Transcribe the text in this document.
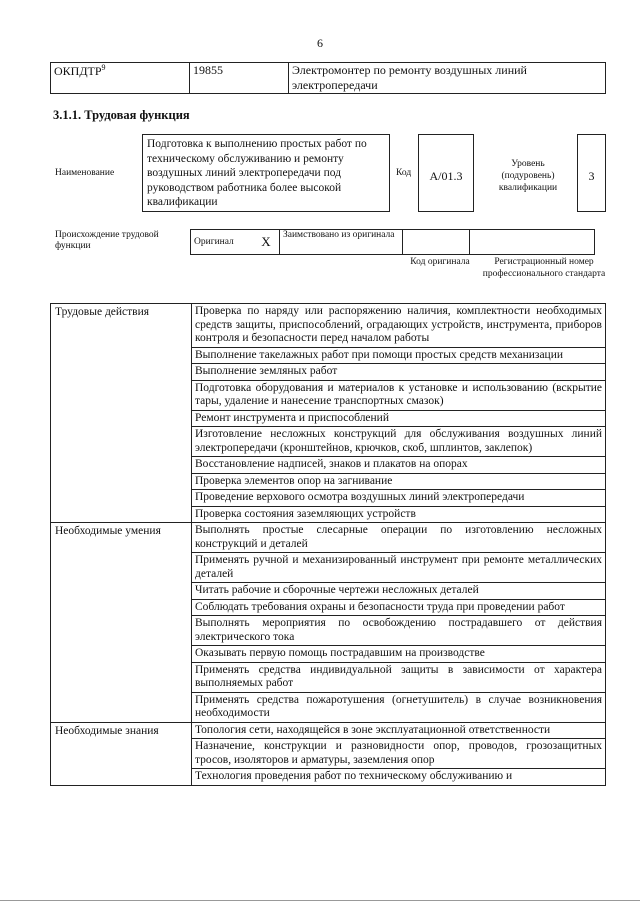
6
ОКПДТР$^9$	19855	Электромонтер по ремонту воздушных линий электропередачи
3.1.1. Трудовая функция
Наименование
Подготовка к выполнению простых работ по техническому обслуживанию и ремонту воздушных линий электропередачи под руководством работника более высокой квалификации
Код	А/01.3
Уровень (подуровень) квалификации
3
Происхождение трудовой функции	Оригинал	X	Заимствовано из оригинала		
Код оригинала	Регистрационный номер профессионального стандарта
Трудовые действия	Проверка по наряду или распоряжению наличия, комплектности необходимых средств защиты, приспособлений, оградающих устройств, инструмента, приборов контроля и безопасности перед началом работы
	Выполнение такелажных работ при помощи простых средств механизации
	Выполнение земляных работ
	Подготовка оборудования и материалов к установке и использованию (вскрытие тары, удаление и нанесение транспортных смазок)
	Ремонт инструмента и приспособлений
	Изготовление несложных конструкций для обслуживания воздушных линий электропередачи (кронштейнов, крючков, скоб, шплинтов, заклепок)
	Восстановление надписей, знаков и плакатов на опорах
	Проверка элементов опор на загнивание
	Проведение верхового осмотра воздушных линий электропередачи
	Проверка состояния заземляющих устройств
Необходимые умения	Выполнять простые слесарные операции по изготовлению несложных конструкций и деталей
	Применять ручной и механизированный инструмент при ремонте металлических деталей
	Читать рабочие и сборочные чертежи несложных деталей
	Соблюдать требования охраны и безопасности труда при проведении работ
	Выполнять мероприятия по освобождению пострадавшего от действия электрического тока
	Оказывать первую помощь пострадавшим на производстве
	Применять средства индивидуальной защиты в зависимости от характера выполняемых работ
	Применять средства пожаротушения (огнетушитель) в случае возникновения необходимости
Необходимые знания	Топология сети, находящейся в зоне эксплуатационной ответственности
	Назначение, конструкции и разновидности опор, проводов, грозозащитных тросов, изоляторов и арматуры, заземления опор
	Технология проведения работ по техническому обслуживанию и
